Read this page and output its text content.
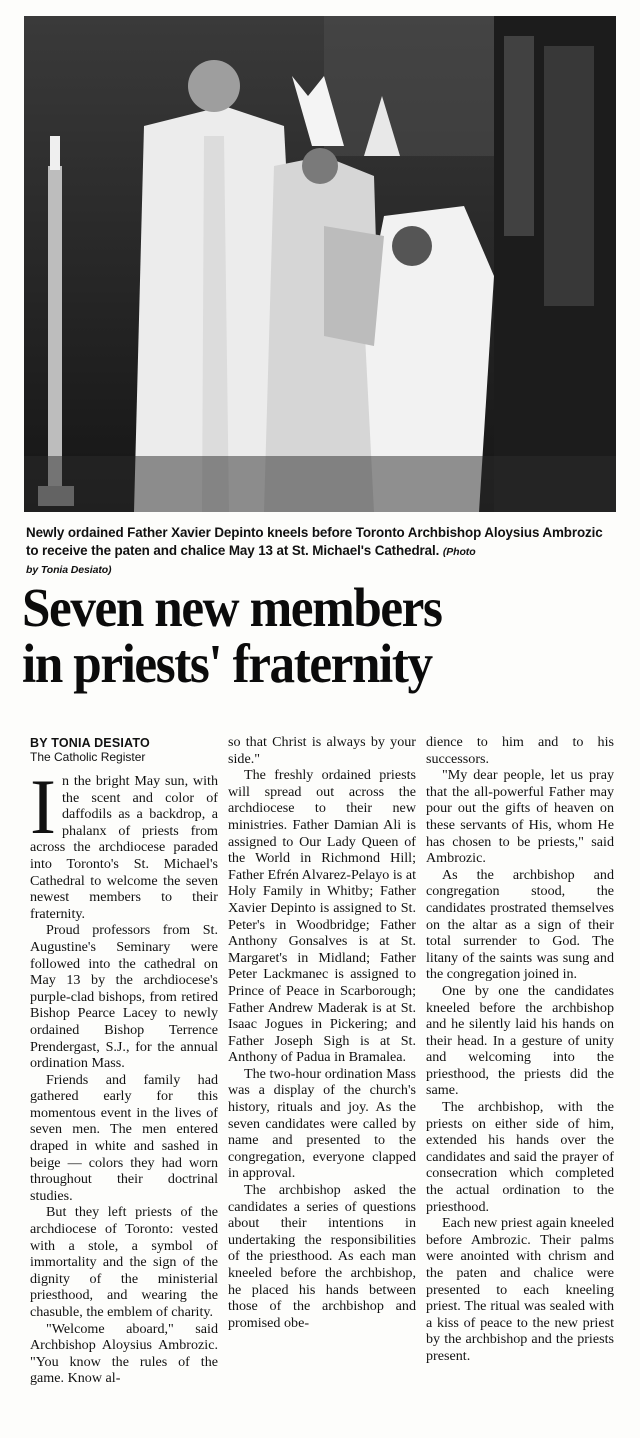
Newly ordained Father Xavier Depinto kneels before Toronto Archbishop Aloysius Ambrozic to receive the paten and chalice May 13 at St. Michael's Cathedral. (Photo
by Tonia Desiato)
Seven new members
in priests' fraternity
BY TONIA DESIATO
The Catholic Register

In the bright May sun, with the scent and color of daffodils as a backdrop, a phalanx of priests from across the archdiocese paraded into Toronto's St. Michael's Cathedral to welcome the seven newest members to their fraternity.

Proud professors from St. Augustine's Seminary were followed into the cathedral on May 13 by the archdiocese's purple-clad bishops, from retired Bishop Pearce Lacey to newly ordained Bishop Terrence Prendergast, S.J., for the annual ordination Mass.

Friends and family had gathered early for this momentous event in the lives of seven men. The men entered draped in white and sashed in beige — colors they had worn throughout their doctrinal studies.

But they left priests of the archdiocese of Toronto: vested with a stole, a symbol of immortality and the sign of the dignity of the ministerial priesthood, and wearing the chasuble, the emblem of charity.

"Welcome aboard," said Archbishop Aloysius Ambrozic. "You know the rules of the game. Know al-

so that Christ is always by your side."

The freshly ordained priests will spread out across the archdiocese to their new ministries. Father Damian Ali is assigned to Our Lady Queen of the World in Richmond Hill; Father Efrén Alvarez-Pelayo is at Holy Family in Whitby; Father Xavier Depinto is assigned to St. Peter's in Woodbridge; Father Anthony Gonsalves is at St. Margaret's in Midland; Father Peter Lackmanec is assigned to Prince of Peace in Scarborough; Father Andrew Maderak is at St. Isaac Jogues in Pickering; and Father Joseph Sigh is at St. Anthony of Padua in Bramalea.

The two-hour ordination Mass was a display of the church's history, rituals and joy. As the seven candidates were called by name and presented to the congregation, everyone clapped in approval.

The archbishop asked the candidates a series of questions about their intentions in undertaking the responsibilities of the priesthood. As each man kneeled before the archbishop, he placed his hands between those of the archbishop and promised obe-

dience to him and to his successors.

"My dear people, let us pray that the all-powerful Father may pour out the gifts of heaven on these servants of His, whom He has chosen to be priests," said Ambrozic.

As the archbishop and congregation stood, the candidates prostrated themselves on the altar as a sign of their total surrender to God. The litany of the saints was sung and the congregation joined in.

One by one the candidates kneeled before the archbishop and he silently laid his hands on their head. In a gesture of unity and welcoming into the priesthood, the priests did the same.

The archbishop, with the priests on either side of him, extended his hands over the candidates and said the prayer of consecration which completed the actual ordination to the priesthood.

Each new priest again kneeled before Ambrozic. Their palms were anointed with chrism and the paten and chalice were presented to each kneeling priest. The ritual was sealed with a kiss of peace to the new priest by the archbishop and the priests present.
